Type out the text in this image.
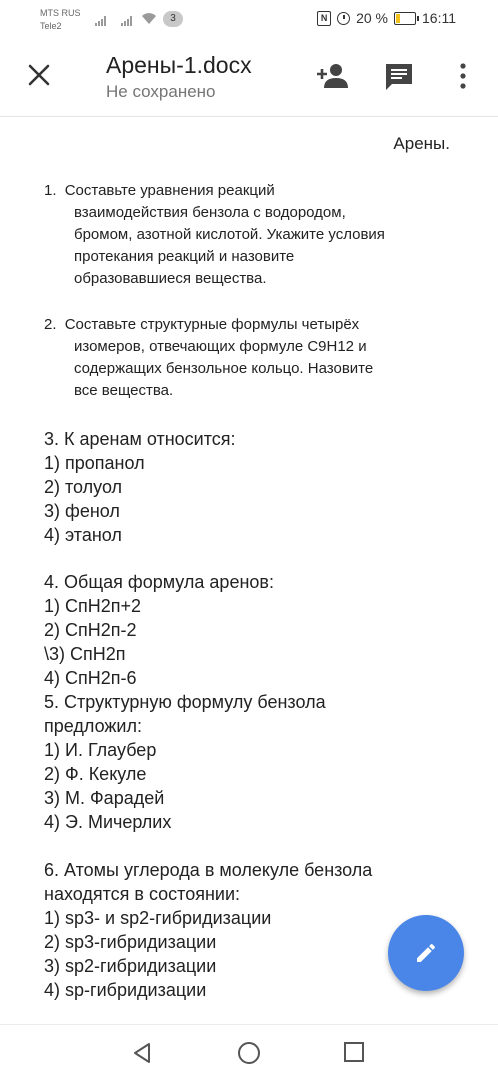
MTS RUS
Tele2
3	N 20 % 16:11
Арены-1.docx
Не сохранено
Арены.
1. Составьте уравнения реакций
взаимодействия бензола с водородом,
бромом, азотной кислотой. Укажите условия
протекания реакций и назовите
образовавшиеся вещества.
2. Составьте структурные формулы четырёх
изомеров, отвечающих формуле С9Н12 и
содержащих бензольное кольцо. Назовите
все вещества.
3. К аренам относится:
1) пропанол
2) толуол
3) фенол
4) этанол
4. Общая формула аренов:
1) СпН2п+2
2) СпН2п-2
\3) СпН2п
4) СпН2п-6
5. Структурную формулу бензола
предложил:
1) И. Глаубер
2) Ф. Кекуле
3) М. Фарадей
4) Э. Мичерлих
6. Атомы углерода в молекуле бензола
находятся в состоянии:
1) sp3- и sp2-гибридизации
2) sp3-гибридизации
3) sp2-гибридизации
4) sp-гибридизации
